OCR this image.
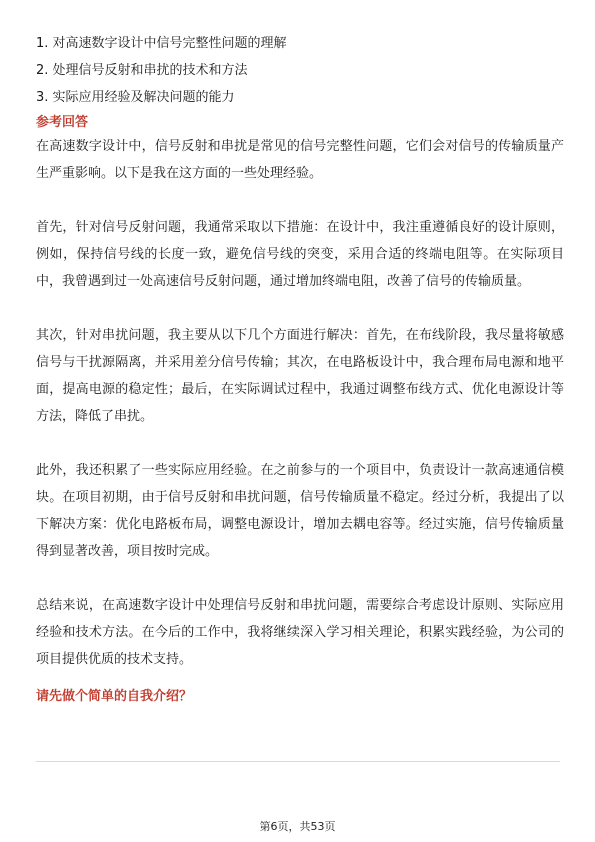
1. 对高速数字设计中信号完整性问题的理解
2. 处理信号反射和串扰的技术和方法
3. 实际应用经验及解决问题的能力
参考回答

在高速数字设计中，信号反射和串扰是常见的信号完整性问题，它们会对信号的传输质量产生严重影响。以下是我在这方面的一些处理经验。

首先，针对信号反射问题，我通常采取以下措施：在设计中，我注重遵循良好的设计原则，例如，保持信号线的长度一致，避免信号线的突变，采用合适的终端电阻等。在实际项目中，我曾遇到过一处高速信号反射问题，通过增加终端电阻，改善了信号的传输质量。

其次，针对串扰问题，我主要从以下几个方面进行解决：首先，在布线阶段，我尽量将敏感信号与干扰源隔离，并采用差分信号传输；其次，在电路板设计中，我合理布局电源和地平面，提高电源的稳定性；最后，在实际调试过程中，我通过调整布线方式、优化电源设计等方法，降低了串扰。

此外，我还积累了一些实际应用经验。在之前参与的一个项目中，负责设计一款高速通信模块。在项目初期，由于信号反射和串扰问题，信号传输质量不稳定。经过分析，我提出了以下解决方案：优化电路板布局，调整电源设计，增加去耦电容等。经过实施，信号传输质量得到显著改善，项目按时完成。

总结来说，在高速数字设计中处理信号反射和串扰问题，需要综合考虑设计原则、实际应用经验和技术方法。在今后的工作中，我将继续深入学习相关理论，积累实践经验，为公司的项目提供优质的技术支持。

请先做个简单的自我介绍？
第6页，共53页
